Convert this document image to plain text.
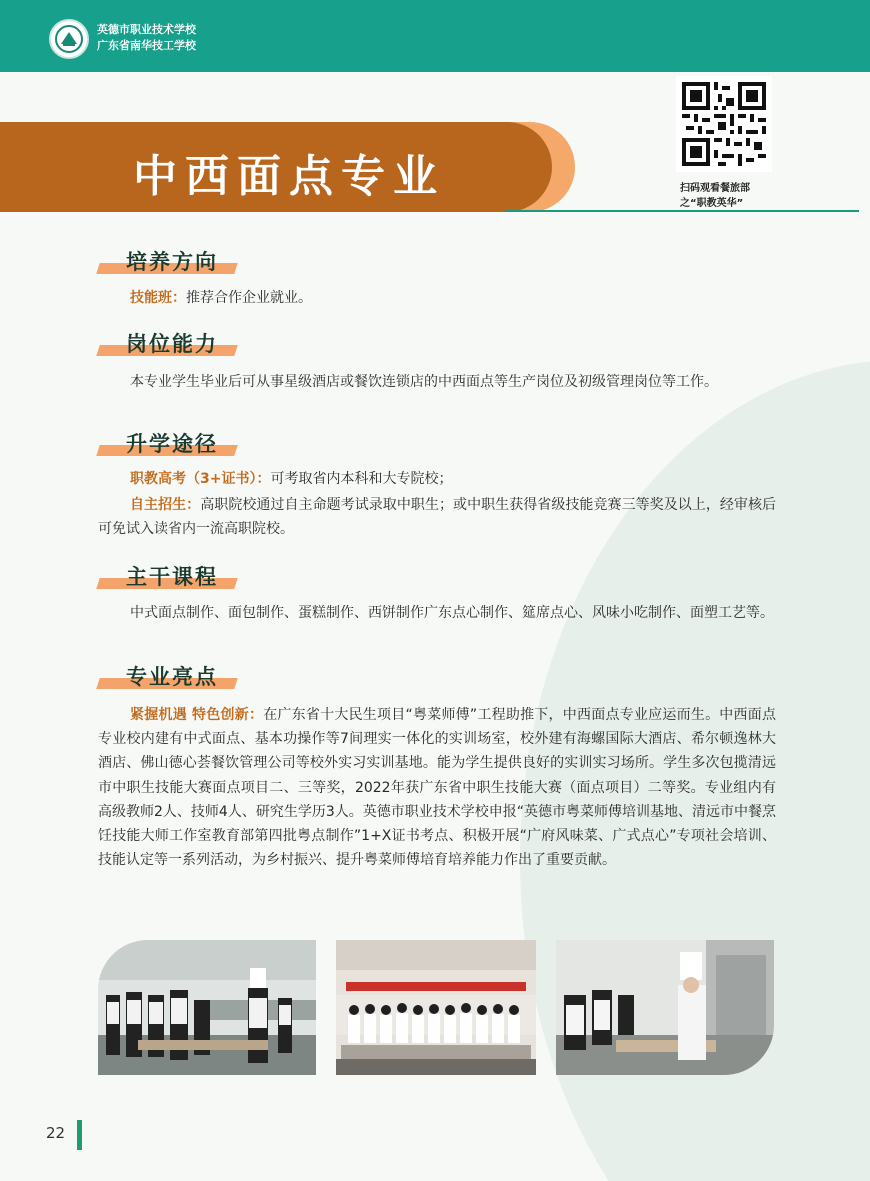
英德市职业技术学校
广东省南华技工学校
中西面点专业	扫码观看餐旅部
之“职教英华”
培养方向
技能班：推荐合作企业就业。
岗位能力
本专业学生毕业后可从事星级酒店或餐饮连锁店的中西面点等生产岗位及初级管理岗位等工作。
升学途径
职教高考（3+证书）：可考取省内本科和大专院校；
自主招生：高职院校通过自主命题考试录取中职生；或中职生获得省级技能竞赛三等奖及以上，经审核后可免试入读省内一流高职院校。
主干课程
中式面点制作、面包制作、蛋糕制作、西饼制作广东点心制作、筵席点心、风味小吃制作、面塑工艺等。
专业亮点
紧握机遇 特色创新：在广东省十大民生项目“粤菜师傅”工程助推下，中西面点专业应运而生。中西面点专业校内建有中式面点、基本功操作等7间理实一体化的实训场室，校外建有海螺国际大酒店、希尔顿逸林大酒店、佛山德心荟餐饮管理公司等校外实习实训基地。能为学生提供良好的实训实习场所。学生多次包揽清远市中职生技能大赛面点项目二、三等奖，2022年获广东省中职生技能大赛（面点项目）二等奖。专业组内有高级教师2人、技师4人、研究生学历3人。英德市职业技术学校申报“英德市粤菜师傅培训基地、清远市中餐烹饪技能大师工作室教育部第四批粤点制作”1+X证书考点、积极开展“广府风味菜、广式点心”专项社会培训、技能认定等一系列活动，为乡村振兴、提升粤菜师傅培育培养能力作出了重要贡献。
22
